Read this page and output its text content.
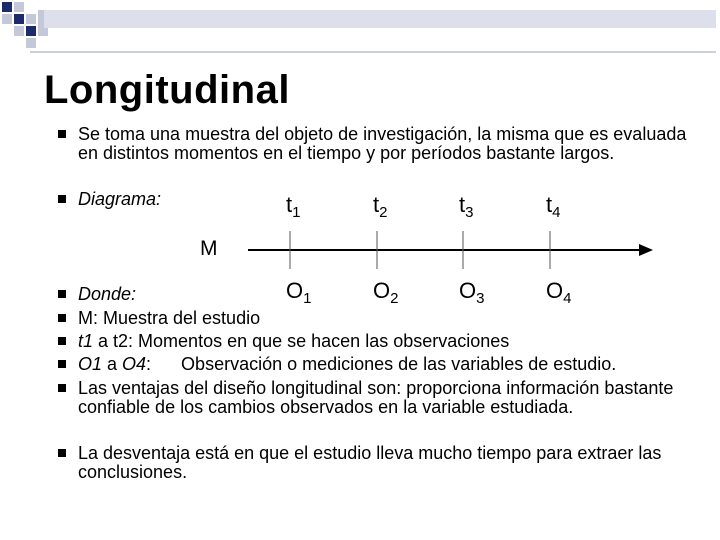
Longitudinal
Se toma una muestra del objeto de investigación, la misma que es evaluada en distintos momentos en el tiempo y por períodos bastante largos.
Diagrama:
Donde:
M: Muestra del estudio
t1 a t2: Momentos en que se hacen las observaciones
O1 a O4:      Observación o mediciones de las variables de estudio.
Las ventajas del diseño longitudinal son: proporciona información bastante confiable de los cambios observados en la variable estudiada.
La desventaja está en que el estudio lleva mucho tiempo para extraer las conclusiones.
M
$t_1$	$t_2$	$t_3$	$t_4$
$O_1$	$O_2$	$O_3$	$O_4$
